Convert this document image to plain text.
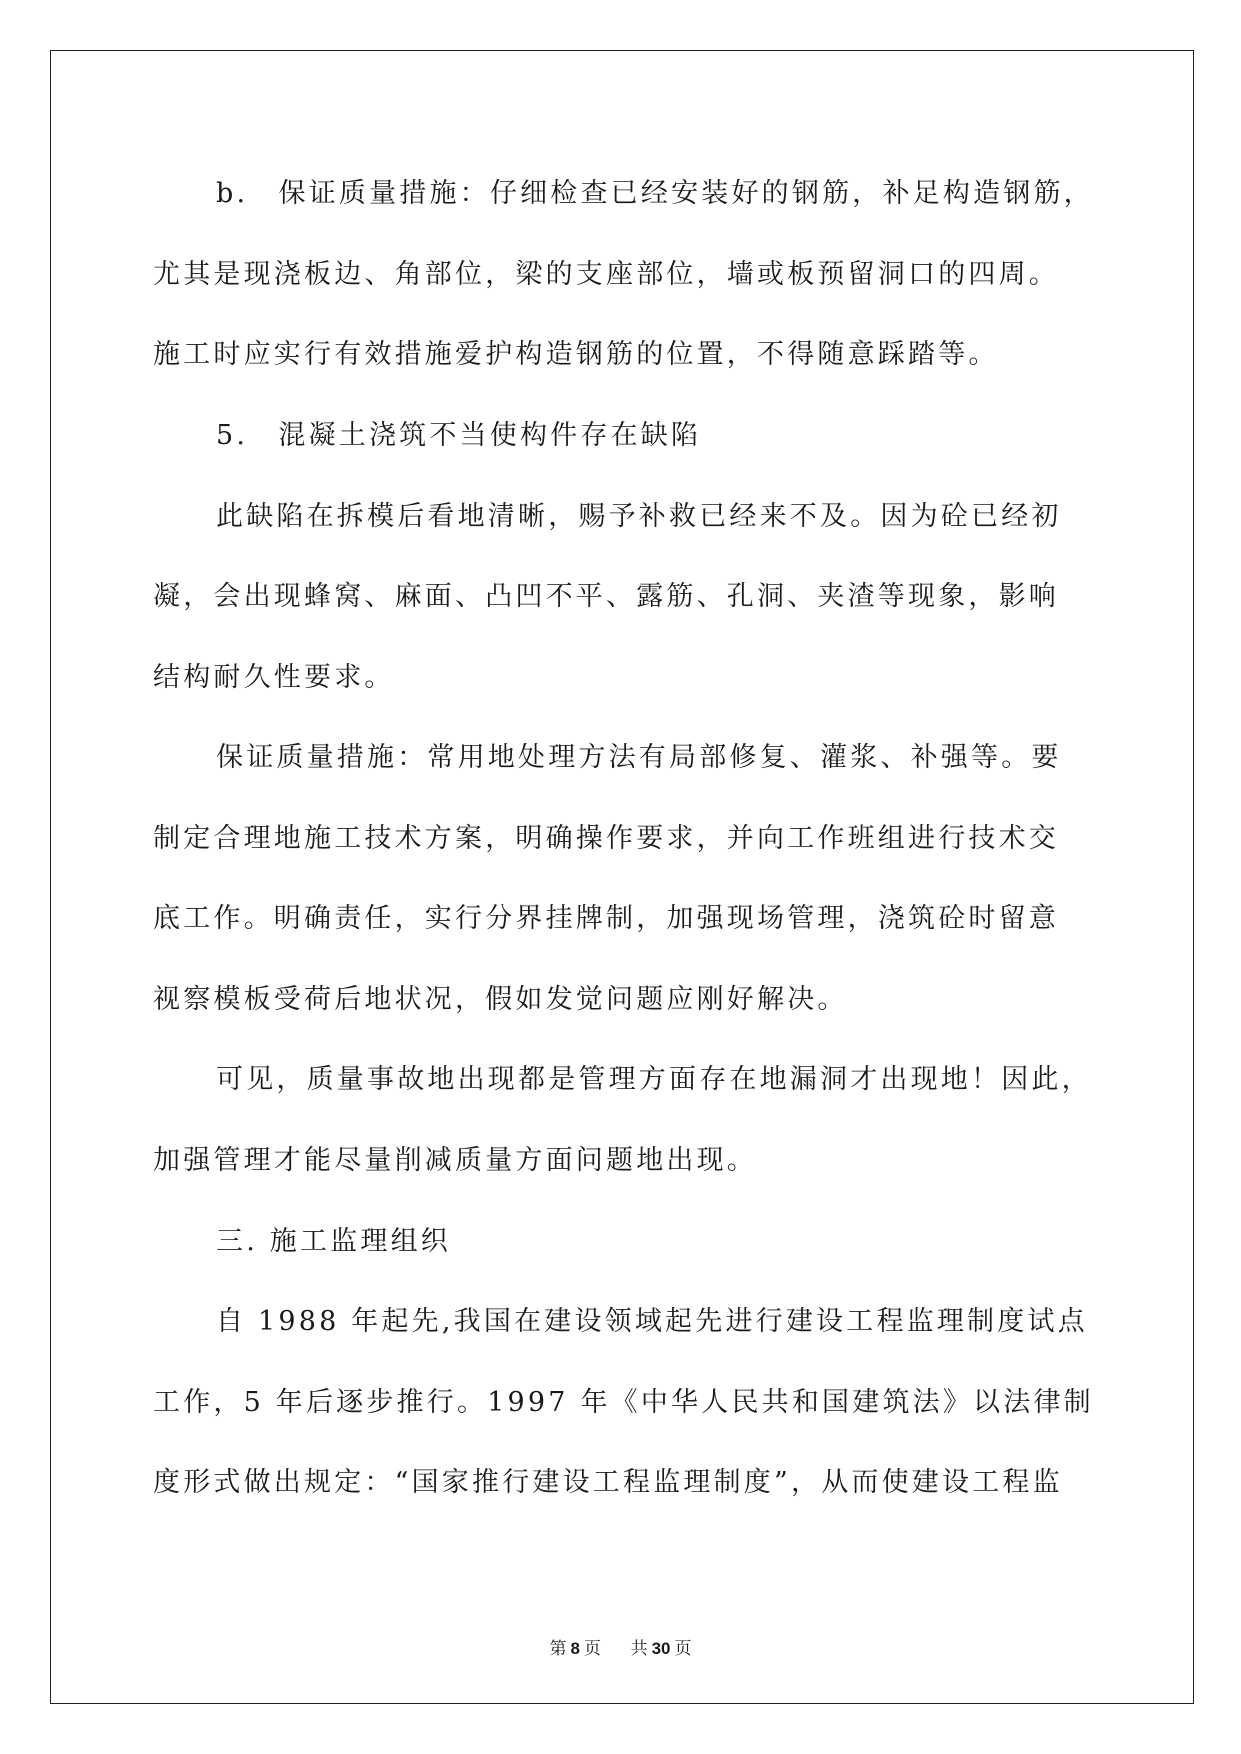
b.　保证质量措施：仔细检查已经安装好的钢筋，补足构造钢筋，
尤其是现浇板边、角部位，梁的支座部位，墙或板预留洞口的四周。
施工时应实行有效措施爱护构造钢筋的位置，不得随意踩踏等。
5.　混凝土浇筑不当使构件存在缺陷
此缺陷在拆模后看地清晰，赐予补救已经来不及。因为砼已经初
凝，会出现蜂窝、麻面、凸凹不平、露筋、孔洞、夹渣等现象，影响
结构耐久性要求。
保证质量措施：常用地处理方法有局部修复、灌浆、补强等。要
制定合理地施工技术方案，明确操作要求，并向工作班组进行技术交
底工作。明确责任，实行分界挂牌制，加强现场管理，浇筑砼时留意
视察模板受荷后地状况，假如发觉问题应刚好解决。
可见，质量事故地出现都是管理方面存在地漏洞才出现地！因此，
加强管理才能尽量削减质量方面问题地出现。
三. 施工监理组织
自 1988 年起先,我国在建设领域起先进行建设工程监理制度试点
工作，5 年后逐步推行。1997 年《中华人民共和国建筑法》以法律制
度形式做出规定：“国家推行建设工程监理制度”，从而使建设工程监
第 8 页 共 30 页
